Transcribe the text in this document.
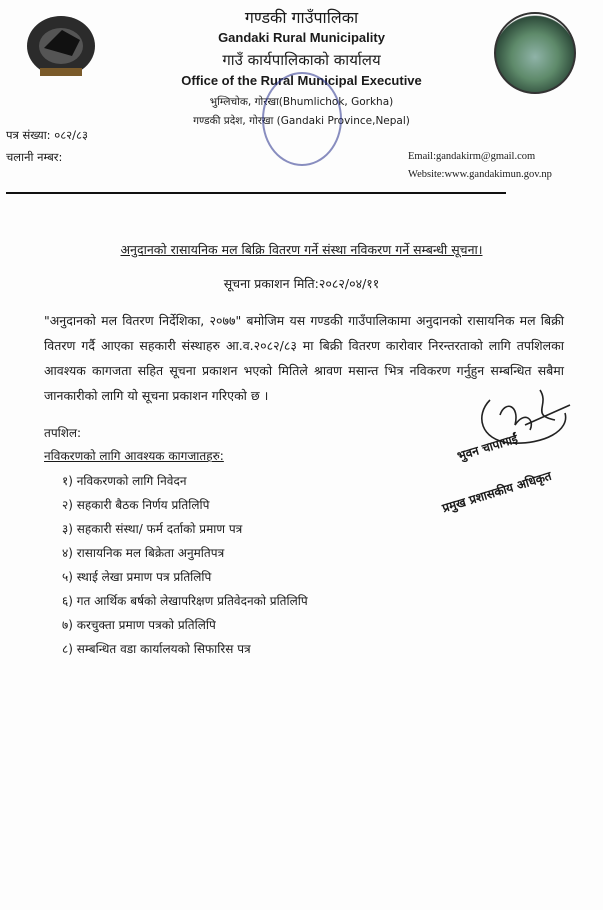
गण्डकी गाउँपालिका
Gandaki Rural Municipality
गाउँ कार्यपालिकाको कार्यालय
Office of the Rural Municipal Executive
भुम्लिचोक, गोरखा(Bhumlichok, Gorkha)
गण्डकी प्रदेश, गोरखा (Gandaki Province,Nepal)
पत्र संख्या: ०८२/८३
चलानी नम्बर:	Email:gandakirm@gmail.com
Website:www.gandakimun.gov.np
अनुदानको रासायनिक मल बिक्रि वितरण गर्ने संस्था नविकरण गर्ने सम्बन्धी सूचना।
सूचना प्रकाशन मिति:२०८२/०४/११
"अनुदानको मल वितरण निर्देशिका, २०७७" बमोजिम यस गण्डकी गाउँपालिकामा अनुदानको रासायनिक मल बिक्री वितरण गर्दै आएका सहकारी संस्थाहरु आ.व.२०८२/८३ मा बिक्री वितरण कारोवार निरन्तरताको लागि तपशिलका आवश्यक कागजता सहित सूचना प्रकाशन भएको मितिले श्रावण मसान्त भित्र नविकरण गर्नुहुन सम्बन्धित सबैमा जानकारीको लागि यो सूचना प्रकाशन गरिएको छ ।
तपशिल:
नविकरणको लागि आवश्यक कागजातहरु:
१) नविकरणको लागि निवेदन
२) सहकारी बैठक निर्णय प्रतिलिपि
३) सहकारी संस्था/ फर्म दर्ताको प्रमाण पत्र
४) रासायनिक मल बिक्रेता अनुमतिपत्र
५) स्थाई लेखा प्रमाण पत्र प्रतिलिपि
६) गत आर्थिक बर्षको लेखापरिक्षण प्रतिवेदनको प्रतिलिपि
७) करचुक्ता प्रमाण पत्रको प्रतिलिपि
८) सम्बन्धित वडा कार्यालयको सिफारिस पत्र
भुवन चापागाईं
प्रमुख प्रशासकीय अधिकृत
